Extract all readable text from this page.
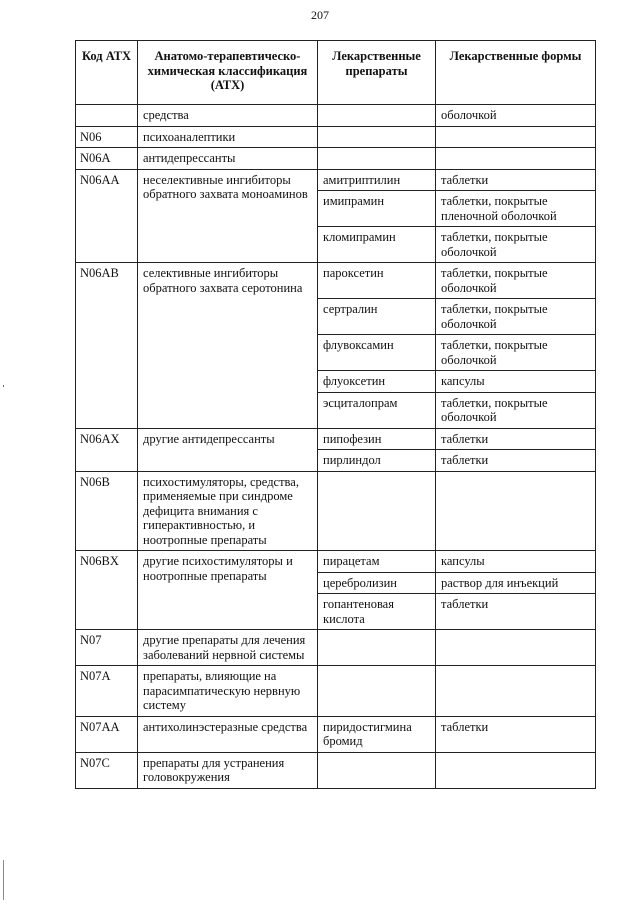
207
Код АТХ	Анатомо-терапевтическо-химическая классификация (АТХ)	Лекарственные препараты	Лекарственные формы
	средства		оболочкой
N06	психоаналептики		
N06A	антидепрессанты		
N06AA	неселективные ингибиторы обратного захвата моноаминов	амитриптилин	таблетки
		имипрамин	таблетки, покрытые пленочной оболочкой
		кломипрамин	таблетки, покрытые оболочкой
N06AB	селективные ингибиторы обратного захвата серотонина	пароксетин	таблетки, покрытые оболочкой
		сертралин	таблетки, покрытые оболочкой
		флувоксамин	таблетки, покрытые оболочкой
		флуоксетин	капсулы
		эсциталопрам	таблетки, покрытые оболочкой
N06AX	другие антидепрессанты	пипофезин	таблетки
		пирлиндол	таблетки
N06B	психостимуляторы, средства, применяемые при синдроме дефицита внимания с гиперактивностью, и ноотропные препараты		
N06BX	другие психостимуляторы и ноотропные препараты	пирацетам	капсулы
		церебролизин	раствор для инъекций
		гопантеновая кислота	таблетки
N07	другие препараты для лечения заболеваний нервной системы		
N07A	препараты, влияющие на парасимпатическую нервную систему		
N07AA	антихолинэстеразные средства	пиридостигмина бромид	таблетки
N07C	препараты для устранения головокружения		
